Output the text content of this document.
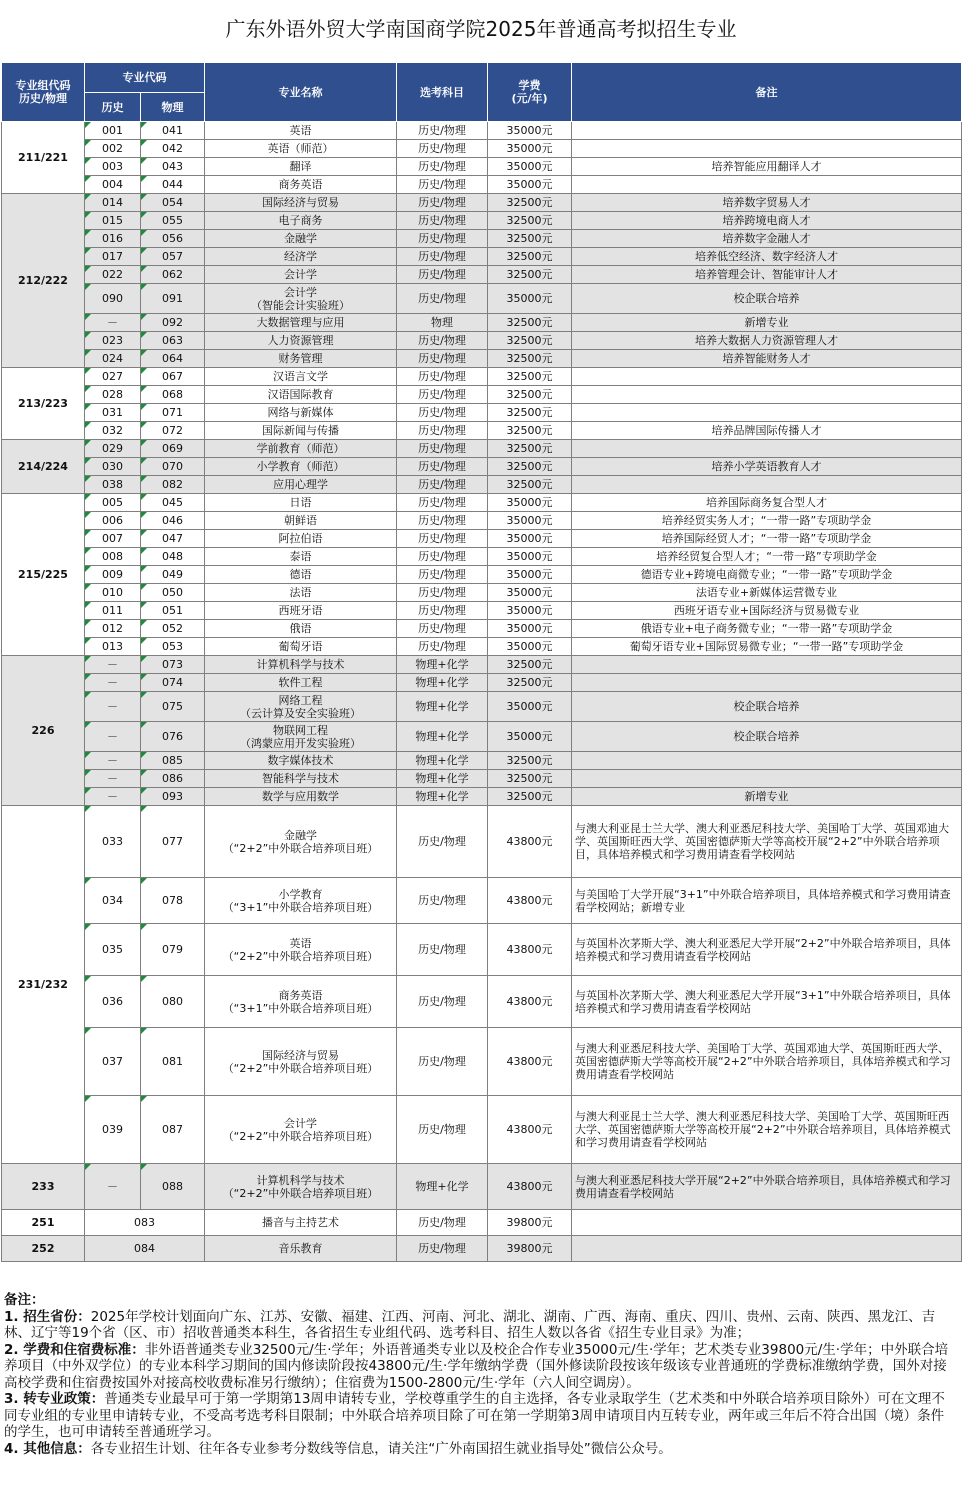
广东外语外贸大学南国商学院2025年普通高考拟招生专业
专业组代码
历史/物理	专业代码		专业名称	选考科目	学费
(元/年)	备注
	历史	物理				
211/221	001	041	英语	历史/物理	35000元	
	002	042	英语（师范）	历史/物理	35000元	
	003	043	翻译	历史/物理	35000元	培养智能应用翻译人才
	004	044	商务英语	历史/物理	35000元	
212/222	014	054	国际经济与贸易	历史/物理	32500元	培养数字贸易人才
	015	055	电子商务	历史/物理	32500元	培养跨境电商人才
	016	056	金融学	历史/物理	32500元	培养数字金融人才
	017	057	经济学	历史/物理	32500元	培养低空经济、数字经济人才
	022	062	会计学	历史/物理	32500元	培养管理会计、智能审计人才
	090	091	会计学
（智能会计实验班）	历史/物理	35000元	校企联合培养
	－	092	大数据管理与应用	物理	32500元	新增专业
	023	063	人力资源管理	历史/物理	32500元	培养大数据人力资源管理人才
	024	064	财务管理	历史/物理	32500元	培养智能财务人才
213/223	027	067	汉语言文学	历史/物理	32500元	
	028	068	汉语国际教育	历史/物理	32500元	
	031	071	网络与新媒体	历史/物理	32500元	
	032	072	国际新闻与传播	历史/物理	32500元	培养品牌国际传播人才
214/224	029	069	学前教育（师范）	历史/物理	32500元	
	030	070	小学教育（师范）	历史/物理	32500元	培养小学英语教育人才
	038	082	应用心理学	历史/物理	32500元	
215/225	005	045	日语	历史/物理	35000元	培养国际商务复合型人才
	006	046	朝鲜语	历史/物理	35000元	培养经贸实务人才；“一带一路”专项助学金
	007	047	阿拉伯语	历史/物理	35000元	培养国际经贸人才；“一带一路”专项助学金
	008	048	泰语	历史/物理	35000元	培养经贸复合型人才；“一带一路”专项助学金
	009	049	德语	历史/物理	35000元	德语专业+跨境电商微专业；“一带一路”专项助学金
	010	050	法语	历史/物理	35000元	法语专业+新媒体运营微专业
	011	051	西班牙语	历史/物理	35000元	西班牙语专业+国际经济与贸易微专业
	012	052	俄语	历史/物理	35000元	俄语专业+电子商务微专业；“一带一路”专项助学金
	013	053	葡萄牙语	历史/物理	35000元	葡萄牙语专业+国际贸易微专业；“一带一路”专项助学金
226	－	073	计算机科学与技术	物理+化学	32500元	
	－	074	软件工程	物理+化学	32500元	
	－	075	网络工程
（云计算及安全实验班）	物理+化学	35000元	校企联合培养
	－	076	物联网工程
（鸿蒙应用开发实验班）	物理+化学	35000元	校企联合培养
	－	085	数字媒体技术	物理+化学	32500元	
	－	086	智能科学与技术	物理+化学	32500元	
	－	093	数学与应用数学	物理+化学	32500元	新增专业
231/232	033	077	金融学
（“2+2”中外联合培养项目班）	历史/物理	43800元	与澳大利亚昆士兰大学、澳大利亚悉尼科技大学、美国哈丁大学、英国邓迪大学、英国斯旺西大学、英国密德萨斯大学等高校开展“2+2”中外联合培养项目，具体培养模式和学习费用请查看学校网站
	034	078	小学教育
（“3+1”中外联合培养项目班）	历史/物理	43800元	与美国哈丁大学开展“3+1”中外联合培养项目，具体培养模式和学习费用请查看学校网站；新增专业
	035	079	英语
（“2+2”中外联合培养项目班）	历史/物理	43800元	与英国朴次茅斯大学、澳大利亚悉尼大学开展“2+2”中外联合培养项目，具体培养模式和学习费用请查看学校网站
	036	080	商务英语
（“3+1”中外联合培养项目班）	历史/物理	43800元	与英国朴次茅斯大学、澳大利亚悉尼大学开展“3+1”中外联合培养项目，具体培养模式和学习费用请查看学校网站
	037	081	国际经济与贸易
（“2+2”中外联合培养项目班）	历史/物理	43800元	与澳大利亚悉尼科技大学、美国哈丁大学、英国邓迪大学、英国斯旺西大学、英国密德萨斯大学等高校开展“2+2”中外联合培养项目，具体培养模式和学习费用请查看学校网站
	039	087	会计学
（“2+2”中外联合培养项目班）	历史/物理	43800元	与澳大利亚昆士兰大学、澳大利亚悉尼科技大学、美国哈丁大学、英国斯旺西大学、英国密德萨斯大学等高校开展“2+2”中外联合培养项目，具体培养模式和学习费用请查看学校网站
233	－	088	计算机科学与技术
（“2+2”中外联合培养项目班）	物理+化学	43800元	与澳大利亚悉尼科技大学开展“2+2”中外联合培养项目，具体培养模式和学习费用请查看学校网站
251	083		播音与主持艺术	历史/物理	39800元	
252	084		音乐教育	历史/物理	39800元	

备注：

1. 招生省份：2025年学校计划面向广东、江苏、安徽、福建、江西、河南、河北、湖北、湖南、广西、海南、重庆、四川、贵州、云南、陕西、黑龙江、吉林、辽宁等19个省（区、市）招收普通类本科生，各省招生专业组代码、选考科目、招生人数以各省《招生专业目录》为准；

2. 学费和住宿费标准：非外语普通类专业32500元/生·学年；外语普通类专业以及校企合作专业35000元/生·学年；艺术类专业39800元/生·学年；中外联合培养项目（中外双学位）的专业本科学习期间的国内修读阶段按43800元/生·学年缴纳学费（国外修读阶段按该年级该专业普通班的学费标准缴纳学费，国外对接高校学费和住宿费按国外对接高校收费标准另行缴纳）；住宿费为1500-2800元/生·学年（六人间空调房）。

3. 转专业政策：普通类专业最早可于第一学期第13周申请转专业，学校尊重学生的自主选择，各专业录取学生（艺术类和中外联合培养项目除外）可在文理不同专业组的专业里申请转专业，不受高考选考科目限制；中外联合培养项目除了可在第一学期第3周申请项目内互转专业，两年或三年后不符合出国（境）条件的学生，也可申请转至普通班学习。

4. 其他信息：各专业招生计划、往年各专业参考分数线等信息，请关注“广外南国招生就业指导处”微信公众号。
